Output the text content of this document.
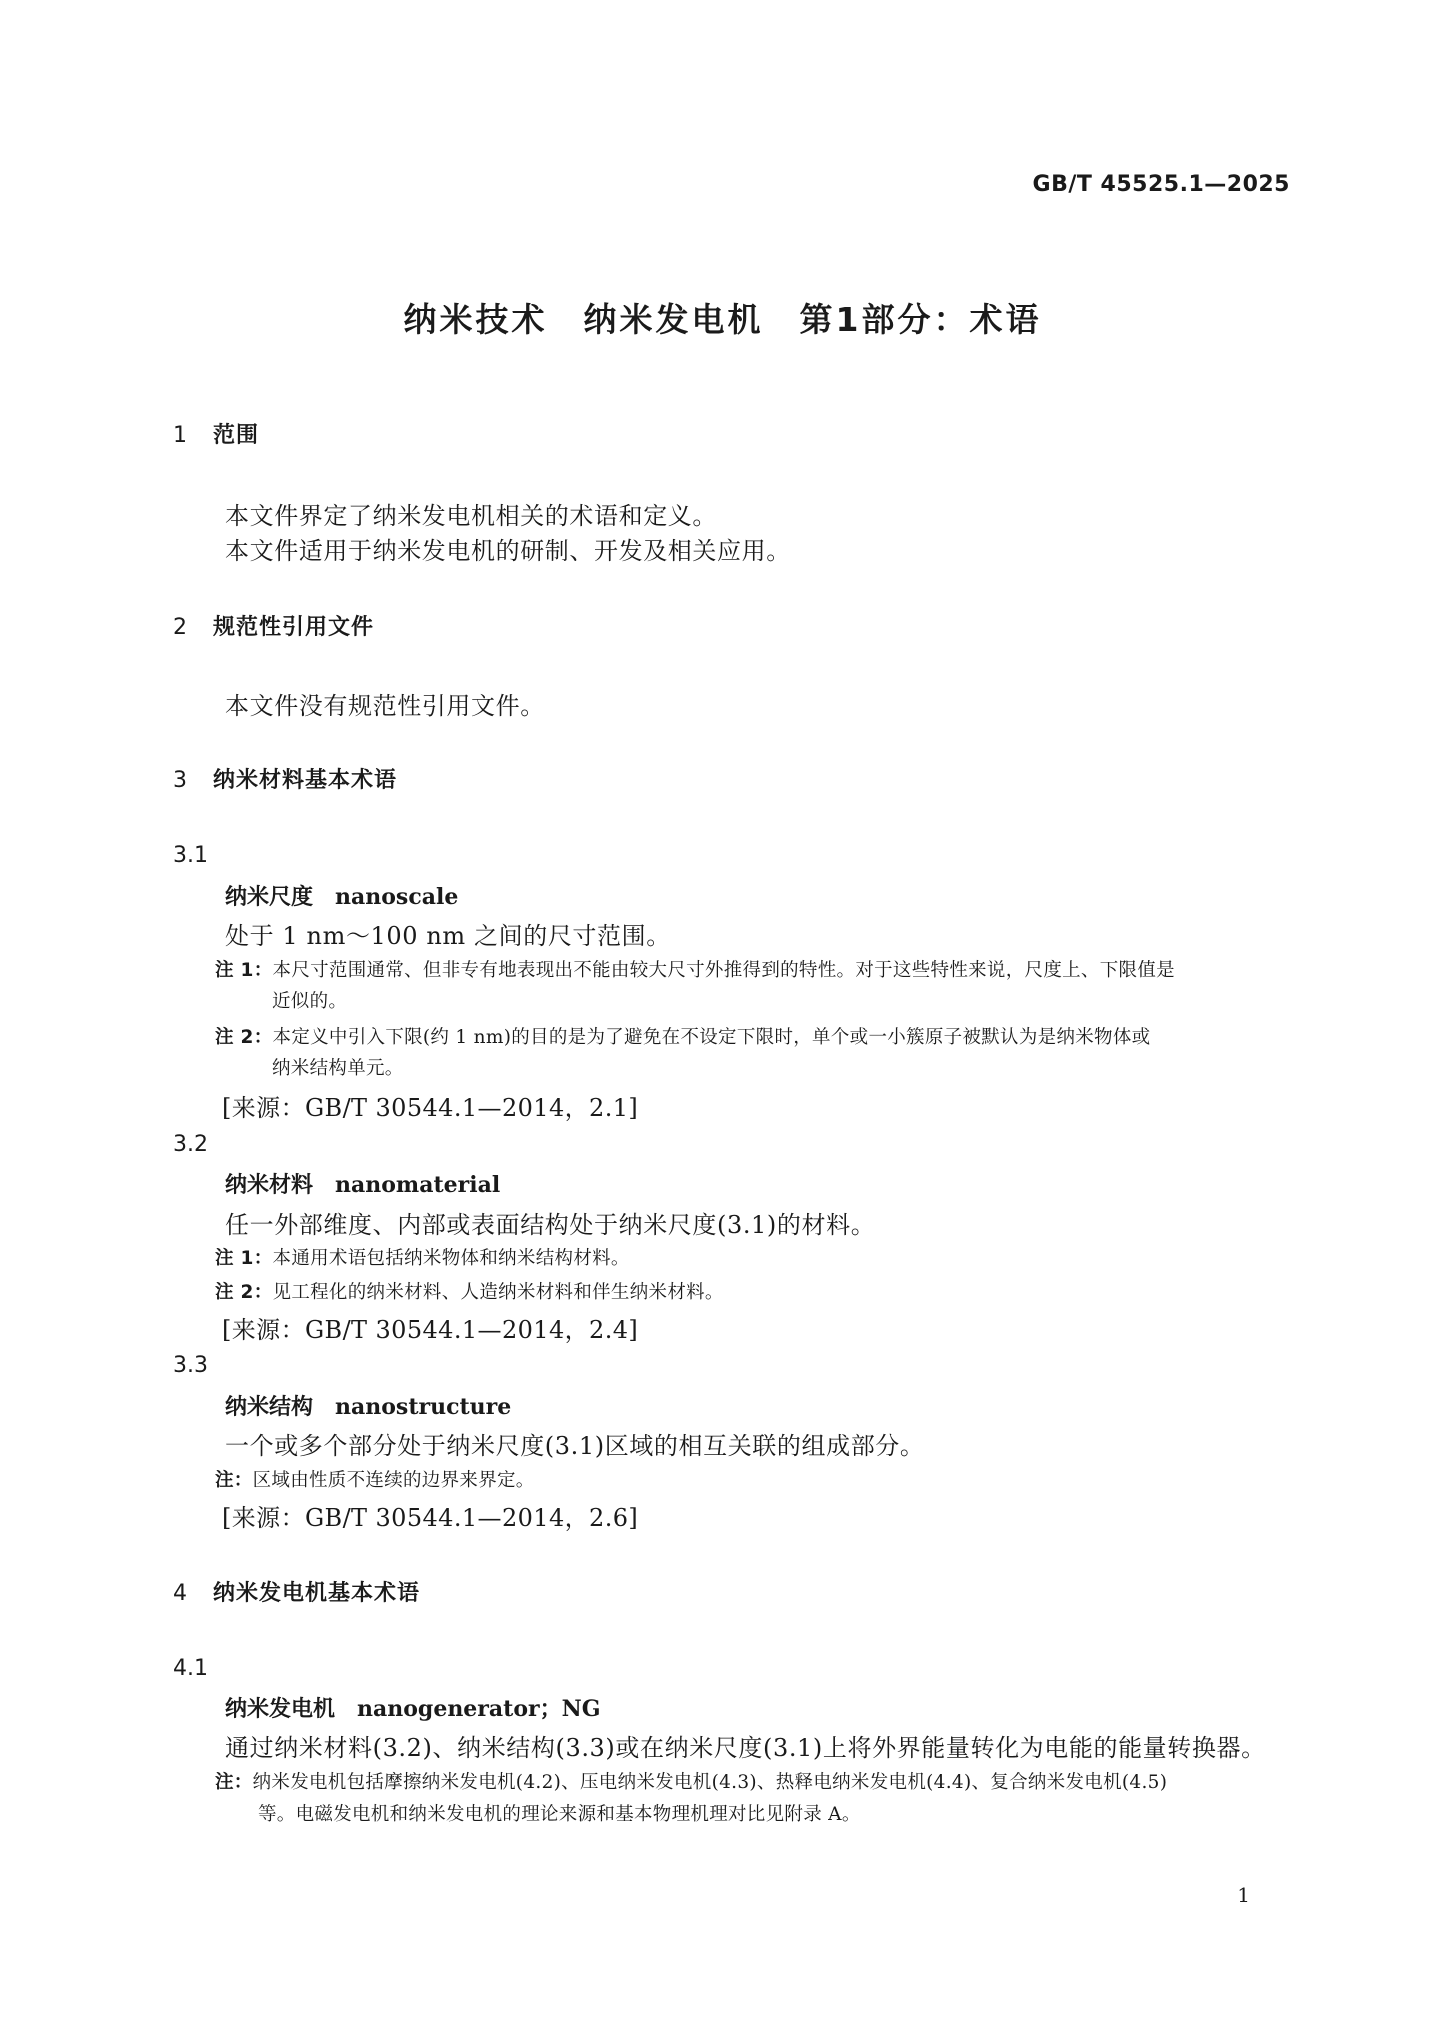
GB/T 45525.1—2025
纳米技术　纳米发电机　第1部分：术语
1 范围
本文件界定了纳米发电机相关的术语和定义。
本文件适用于纳米发电机的研制、开发及相关应用。
2 规范性引用文件
本文件没有规范性引用文件。
3 纳米材料基本术语
3.1
纳米尺度 nanoscale
处于 1 nm～100 nm 之间的尺寸范围。
注 1：本尺寸范围通常、但非专有地表现出不能由较大尺寸外推得到的特性。对于这些特性来说，尺度上、下限值是
近似的。
注 2：本定义中引入下限(约 1 nm)的目的是为了避免在不设定下限时，单个或一小簇原子被默认为是纳米物体或
纳米结构单元。
[来源：GB/T 30544.1—2014，2.1]
3.2
纳米材料 nanomaterial
任一外部维度、内部或表面结构处于纳米尺度(3.1)的材料。
注 1：本通用术语包括纳米物体和纳米结构材料。
注 2：见工程化的纳米材料、人造纳米材料和伴生纳米材料。
[来源：GB/T 30544.1—2014，2.4]
3.3
纳米结构 nanostructure
一个或多个部分处于纳米尺度(3.1)区域的相互关联的组成部分。
注：区域由性质不连续的边界来界定。
[来源：GB/T 30544.1—2014，2.6]
4 纳米发电机基本术语
4.1
纳米发电机 nanogenerator；NG
通过纳米材料(3.2)、纳米结构(3.3)或在纳米尺度(3.1)上将外界能量转化为电能的能量转换器。
注：纳米发电机包括摩擦纳米发电机(4.2)、压电纳米发电机(4.3)、热释电纳米发电机(4.4)、复合纳米发电机(4.5)
等。电磁发电机和纳米发电机的理论来源和基本物理机理对比见附录 A。
1
